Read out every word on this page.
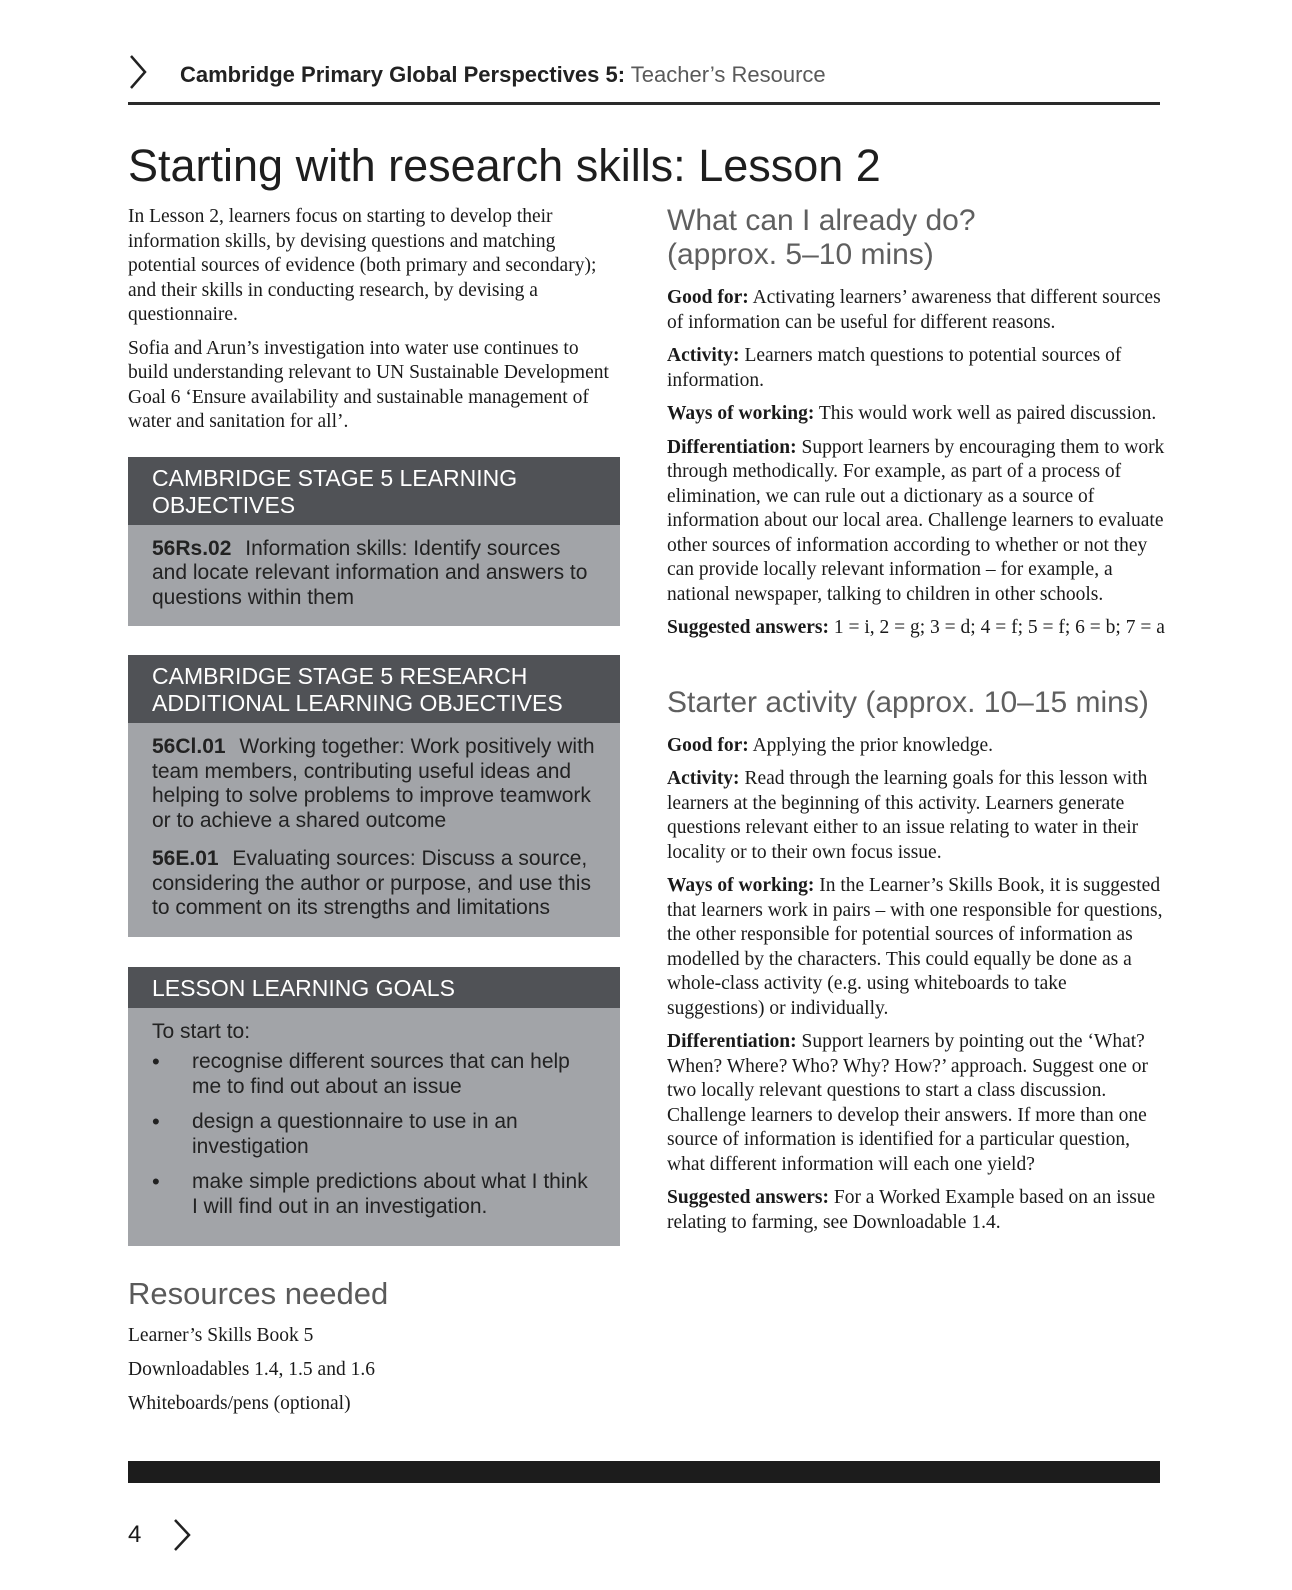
Cambridge Primary Global Perspectives 5: Teacher’s Resource
Starting with research skills: Lesson 2

In Lesson 2, learners focus on starting to develop their information skills, by devising questions and matching potential sources of evidence (both primary and secondary); and their skills in conducting research, by devising a questionnaire.

Sofia and Arun’s investigation into water use continues to build understanding relevant to UN Sustainable Development Goal 6 ‘Ensure availability and sustainable management of water and sanitation for all’.

CAMBRIDGE STAGE 5 LEARNING OBJECTIVES

56Rs.02 Information skills: Identify sources and locate relevant information and answers to questions within them

CAMBRIDGE STAGE 5 RESEARCH ADDITIONAL LEARNING OBJECTIVES

56Cl.01 Working together: Work positively with team members, contributing useful ideas and helping to solve problems to improve teamwork or to achieve a shared outcome

56E.01 Evaluating sources: Discuss a source, considering the author or purpose, and use this to comment on its strengths and limitations

LESSON LEARNING GOALS
To start to:
• recognise different sources that can help me to find out about an issue
• design a questionnaire to use in an investigation
• make simple predictions about what I think I will find out in an investigation.
Resources needed

Learner’s Skills Book 5

Downloadables 1.4, 1.5 and 1.6

Whiteboards/pens (optional)

What can I already do?
(approx. 5–10 mins)

Good for: Activating learners’ awareness that different sources of information can be useful for different reasons.

Activity: Learners match questions to potential sources of information.

Ways of working: This would work well as paired discussion.

Differentiation: Support learners by encouraging them to work through methodically. For example, as part of a process of elimination, we can rule out a dictionary as a source of information about our local area. Challenge learners to evaluate other sources of information according to whether or not they can provide locally relevant information – for example, a national newspaper, talking to children in other schools.

Suggested answers: 1 = i, 2 = g; 3 = d; 4 = f; 5 = f; 6 = b; 7 = a

Starter activity (approx. 10–15 mins)

Good for: Applying the prior knowledge.

Activity: Read through the learning goals for this lesson with learners at the beginning of this activity. Learners generate questions relevant either to an issue relating to water in their locality or to their own focus issue.

Ways of working: In the Learner’s Skills Book, it is suggested that learners work in pairs – with one responsible for questions, the other responsible for potential sources of information as modelled by the characters. This could equally be done as a whole-class activity (e.g. using whiteboards to take suggestions) or individually.

Differentiation: Support learners by pointing out the ‘What? When? Where? Who? Why? How?’ approach. Suggest one or two locally relevant questions to start a class discussion. Challenge learners to develop their answers. If more than one source of information is identified for a particular question, what different information will each one yield?

Suggested answers: For a Worked Example based on an issue relating to farming, see Downloadable 1.4.

4
